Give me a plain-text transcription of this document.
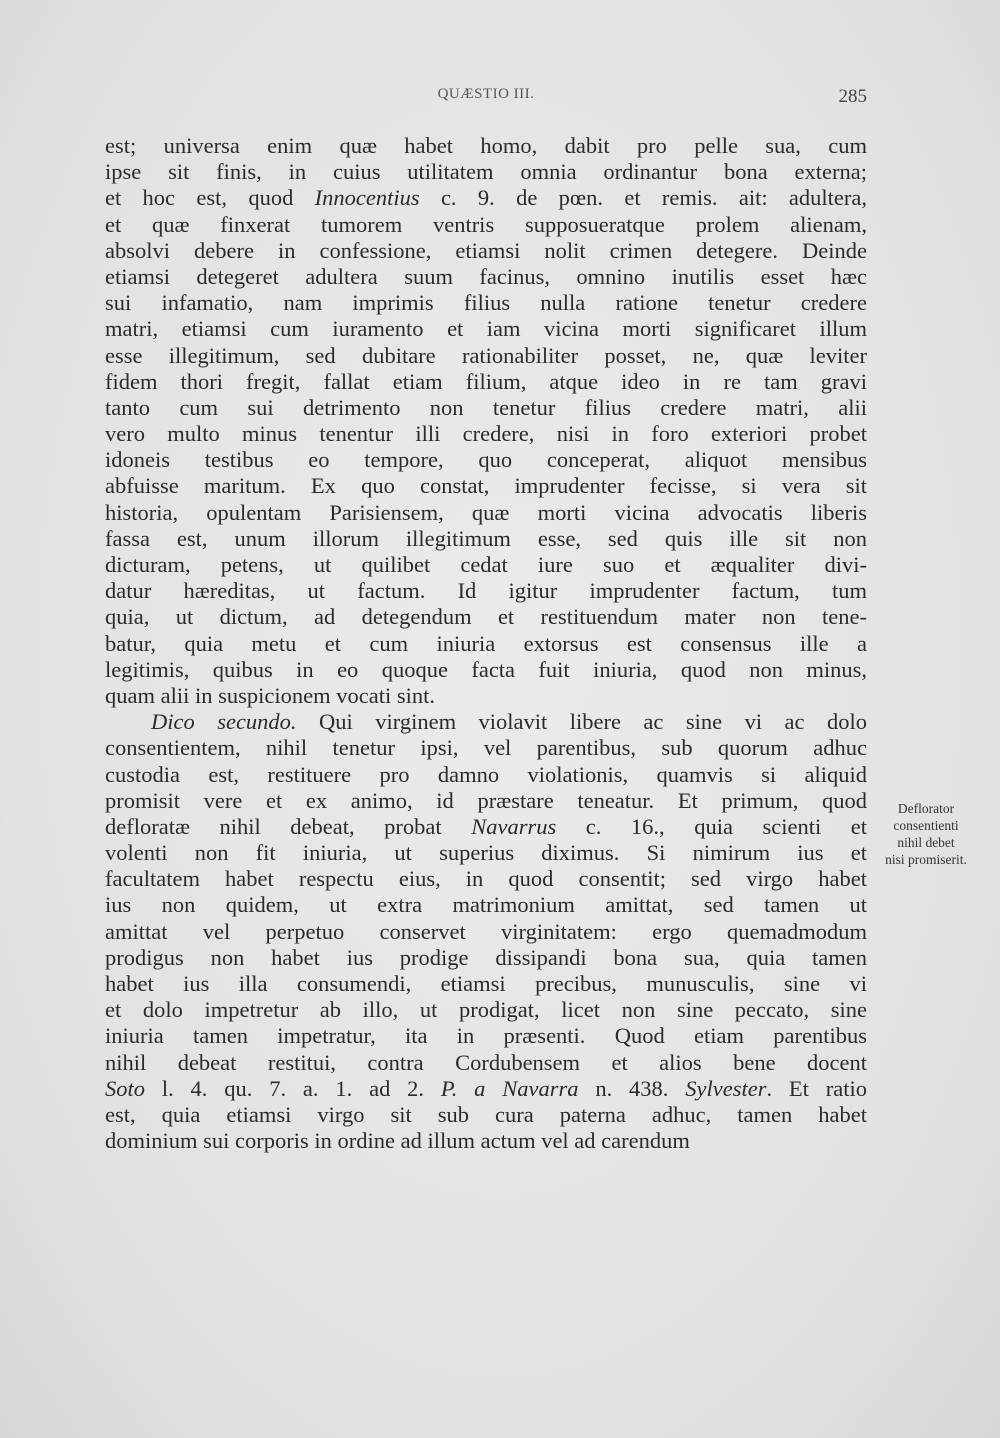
QUÆSTIO III.	285
est; universa enim quæ habet homo, dabit pro pelle sua, cum
ipse sit finis, in cuius utilitatem omnia ordinantur bona externa;
et hoc est, quod Innocentius c. 9. de pœn. et remis. ait: adultera,
et quæ finxerat tumorem ventris supposueratque prolem alienam,
absolvi debere in confessione, etiamsi nolit crimen detegere. Deinde
etiamsi detegeret adultera suum facinus, omnino inutilis esset hæc
sui infamatio, nam imprimis filius nulla ratione tenetur credere
matri, etiamsi cum iuramento et iam vicina morti significaret illum
esse illegitimum, sed dubitare rationabiliter posset, ne, quæ leviter
fidem thori fregit, fallat etiam filium, atque ideo in re tam gravi
tanto cum sui detrimento non tenetur filius credere matri, alii
vero multo minus tenentur illi credere, nisi in foro exteriori probet
idoneis testibus eo tempore, quo conceperat, aliquot mensibus
abfuisse maritum. Ex quo constat, imprudenter fecisse, si vera sit
historia, opulentam Parisiensem, quæ morti vicina advocatis liberis
fassa est, unum illorum illegitimum esse, sed quis ille sit non
dicturam, petens, ut quilibet cedat iure suo et æqualiter divi-
datur hæreditas, ut factum. Id igitur imprudenter factum, tum
quia, ut dictum, ad detegendum et restituendum mater non tene-
batur, quia metu et cum iniuria extorsus est consensus ille a
legitimis, quibus in eo quoque facta fuit iniuria, quod non minus,
quam alii in suspicionem vocati sint.
Dico secundo. Qui virginem violavit libere ac sine vi ac dolo
consentientem, nihil tenetur ipsi, vel parentibus, sub quorum adhuc
custodia est, restituere pro damno violationis, quamvis si aliquid
promisit vere et ex animo, id præstare teneatur. Et primum, quod
defloratæ nihil debeat, probat Navarrus c. 16., quia scienti et
volenti non fit iniuria, ut superius diximus. Si nimirum ius et
facultatem habet respectu eius, in quod consentit; sed virgo habet
ius non quidem, ut extra matrimonium amittat, sed tamen ut
amittat vel perpetuo conservet virginitatem: ergo quemadmodum
prodigus non habet ius prodige dissipandi bona sua, quia tamen
habet ius illa consumendi, etiamsi precibus, munusculis, sine vi
et dolo impetretur ab illo, ut prodigat, licet non sine peccato, sine
iniuria tamen impetratur, ita in præsenti. Quod etiam parentibus
nihil debeat restitui, contra Cordubensem et alios bene docent
Soto l. 4. qu. 7. a. 1. ad 2. P. a Navarra n. 438. Sylvester. Et ratio
est, quia etiamsi virgo sit sub cura paterna adhuc, tamen habet
dominium sui corporis in ordine ad illum actum vel ad carendum
Deflorator
consentienti
nihil debet
nisi promiserit.
